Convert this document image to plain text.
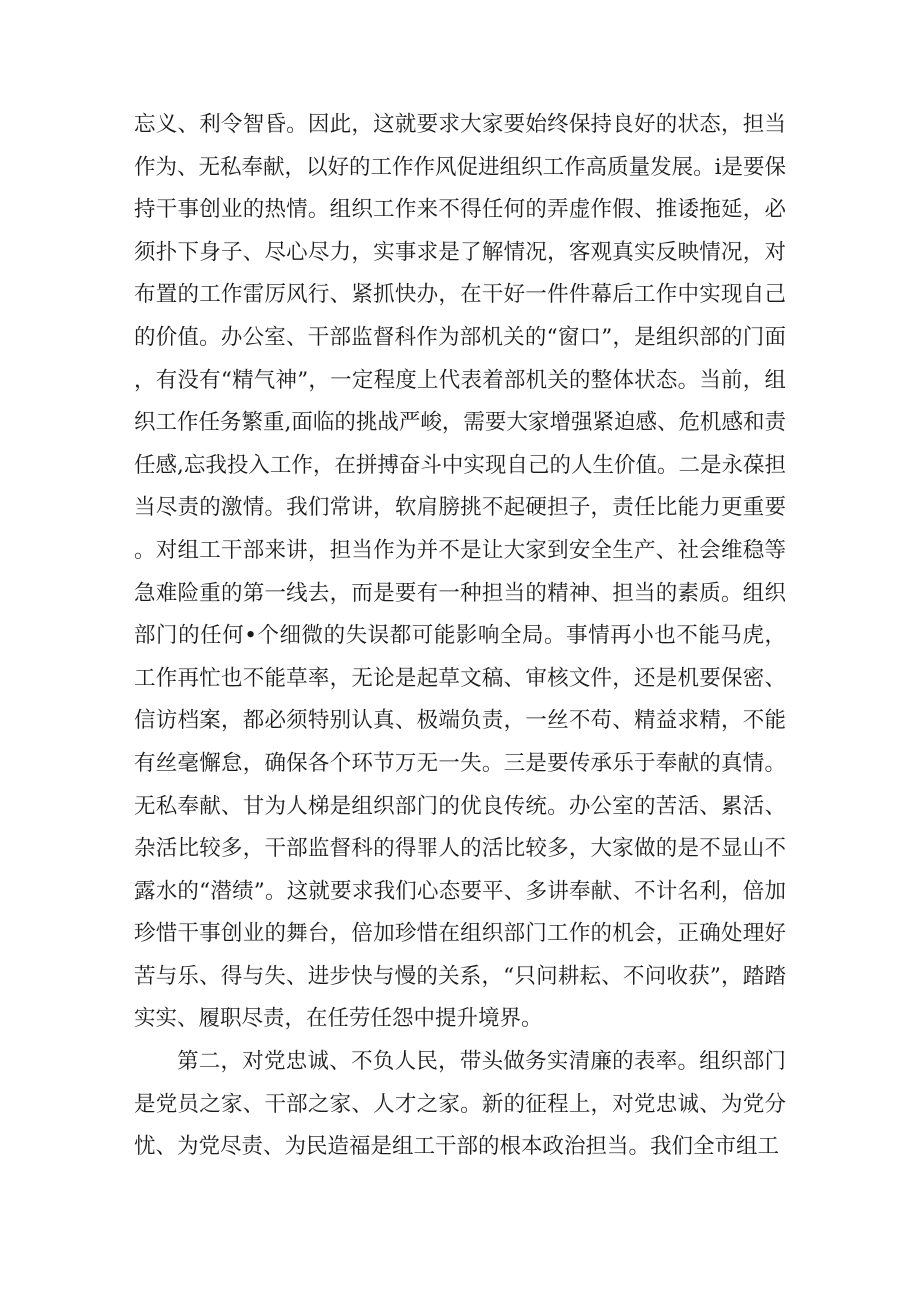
忘义、利令智昏。因此，这就要求大家要始终保持良好的状态，担当作为、无私奉献，以好的工作作风促进组织工作高质量发展。i是要保持干事创业的热情。组织工作来不得任何的弄虚作假、推诿拖延，必须扑下身子、尽心尽力，实事求是了解情况，客观真实反映情况，对布置的工作雷厉风行、紧抓快办，在干好一件件幕后工作中实现自己的价值。办公室、干部监督科作为部机关的“窗口”，是组织部的门面，有没有“精气神”，一定程度上代表着部机关的整体状态。当前，组织工作任务繁重,面临的挑战严峻，需要大家增强紧迫感、危机感和责任感,忘我投入工作，在拼搏奋斗中实现自己的人生价值。二是永葆担当尽责的激情。我们常讲，软肩膀挑不起硬担子，责任比能力更重要。对组工干部来讲，担当作为并不是让大家到安全生产、社会维稳等急难险重的第一线去，而是要有一种担当的精神、担当的素质。组织部门的任何•个细微的失误都可能影响全局。事情再小也不能马虎，工作再忙也不能草率，无论是起草文稿、审核文件，还是机要保密、信访档案，都必须特别认真、极端负责，一丝不苟、精益求精，不能有丝毫懈怠，确保各个环节万无一失。三是要传承乐于奉献的真情。无私奉献、甘为人梯是组织部门的优良传统。办公室的苦活、累活、杂活比较多，干部监督科的得罪人的活比较多，大家做的是不显山不露水的“潜绩”。这就要求我们心态要平、多讲奉献、不计名利，倍加珍惜干事创业的舞台，倍加珍惜在组织部门工作的机会，正确处理好苦与乐、得与失、进步快与慢的关系，“只问耕耘、不问收获”，踏踏实实、履职尽责，在任劳任怨中提升境界。

第二，对党忠诚、不负人民，带头做务实清廉的表率。组织部门是党员之家、干部之家、人才之家。新的征程上，对党忠诚、为党分忧、为党尽责、为民造福是组工干部的根本政治担当。我们全市组工
